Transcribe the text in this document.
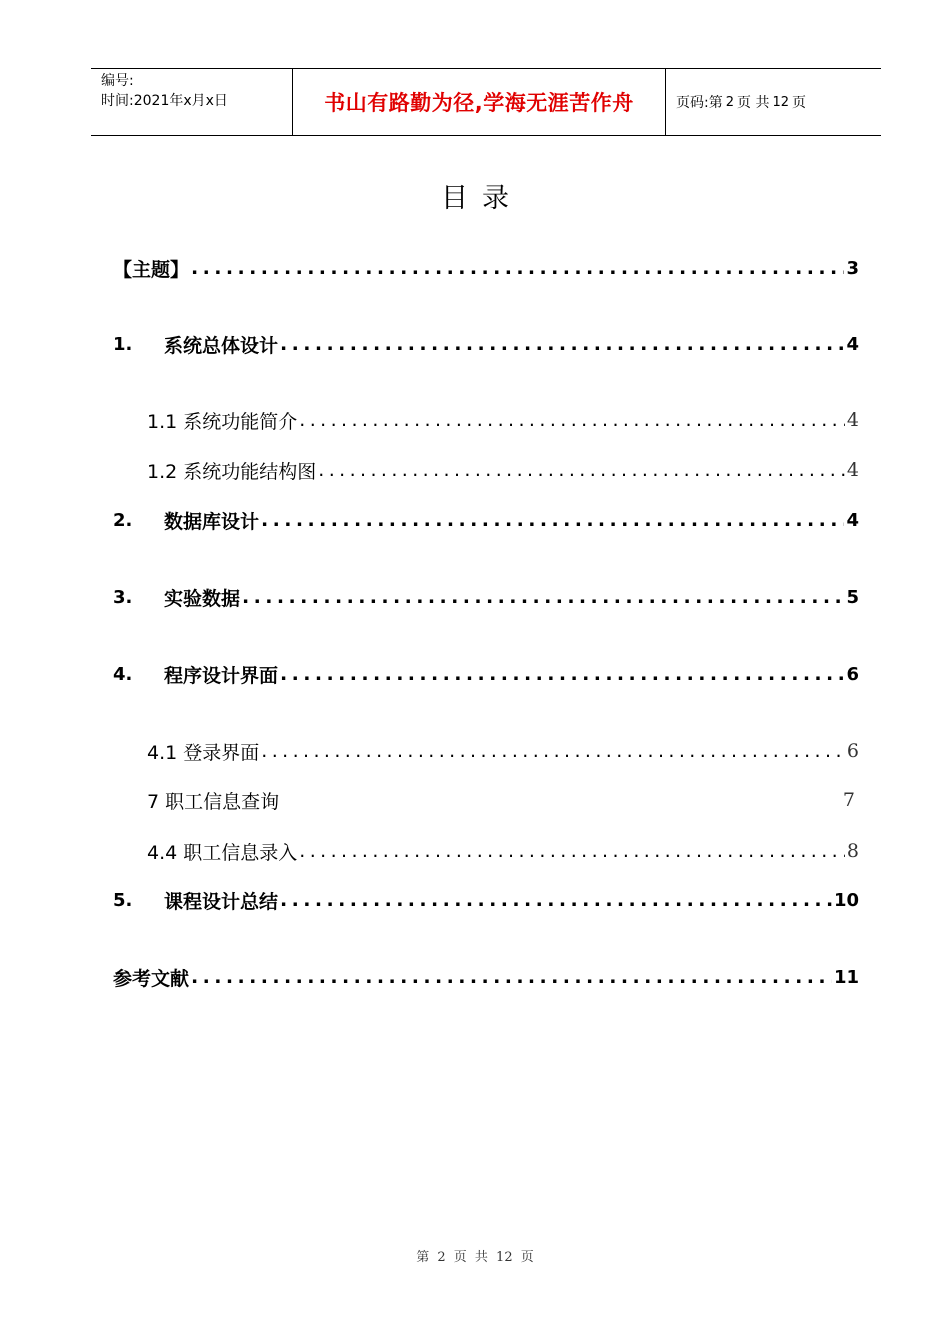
编号:
时间:2021年x月x日	书山有路勤为径,学海无涯苦作舟	页码:第 2 页 共 12 页
目录
【主题】 .....	3
1.	系统总体设计 .....	4
1.1 系统功能简介 .....	4
1.2 系统功能结构图 .....	4
2.	数据库设计 .....	4
3.	实验数据 .....	5
4.	程序设计界面 .....	6
4.1 登录界面 .....	6
7 职工信息查询	7
4.4 职工信息录入 .....	8
5.	课程设计总结 .....	10
参考文献 .....	11
第 2 页 共 12 页
